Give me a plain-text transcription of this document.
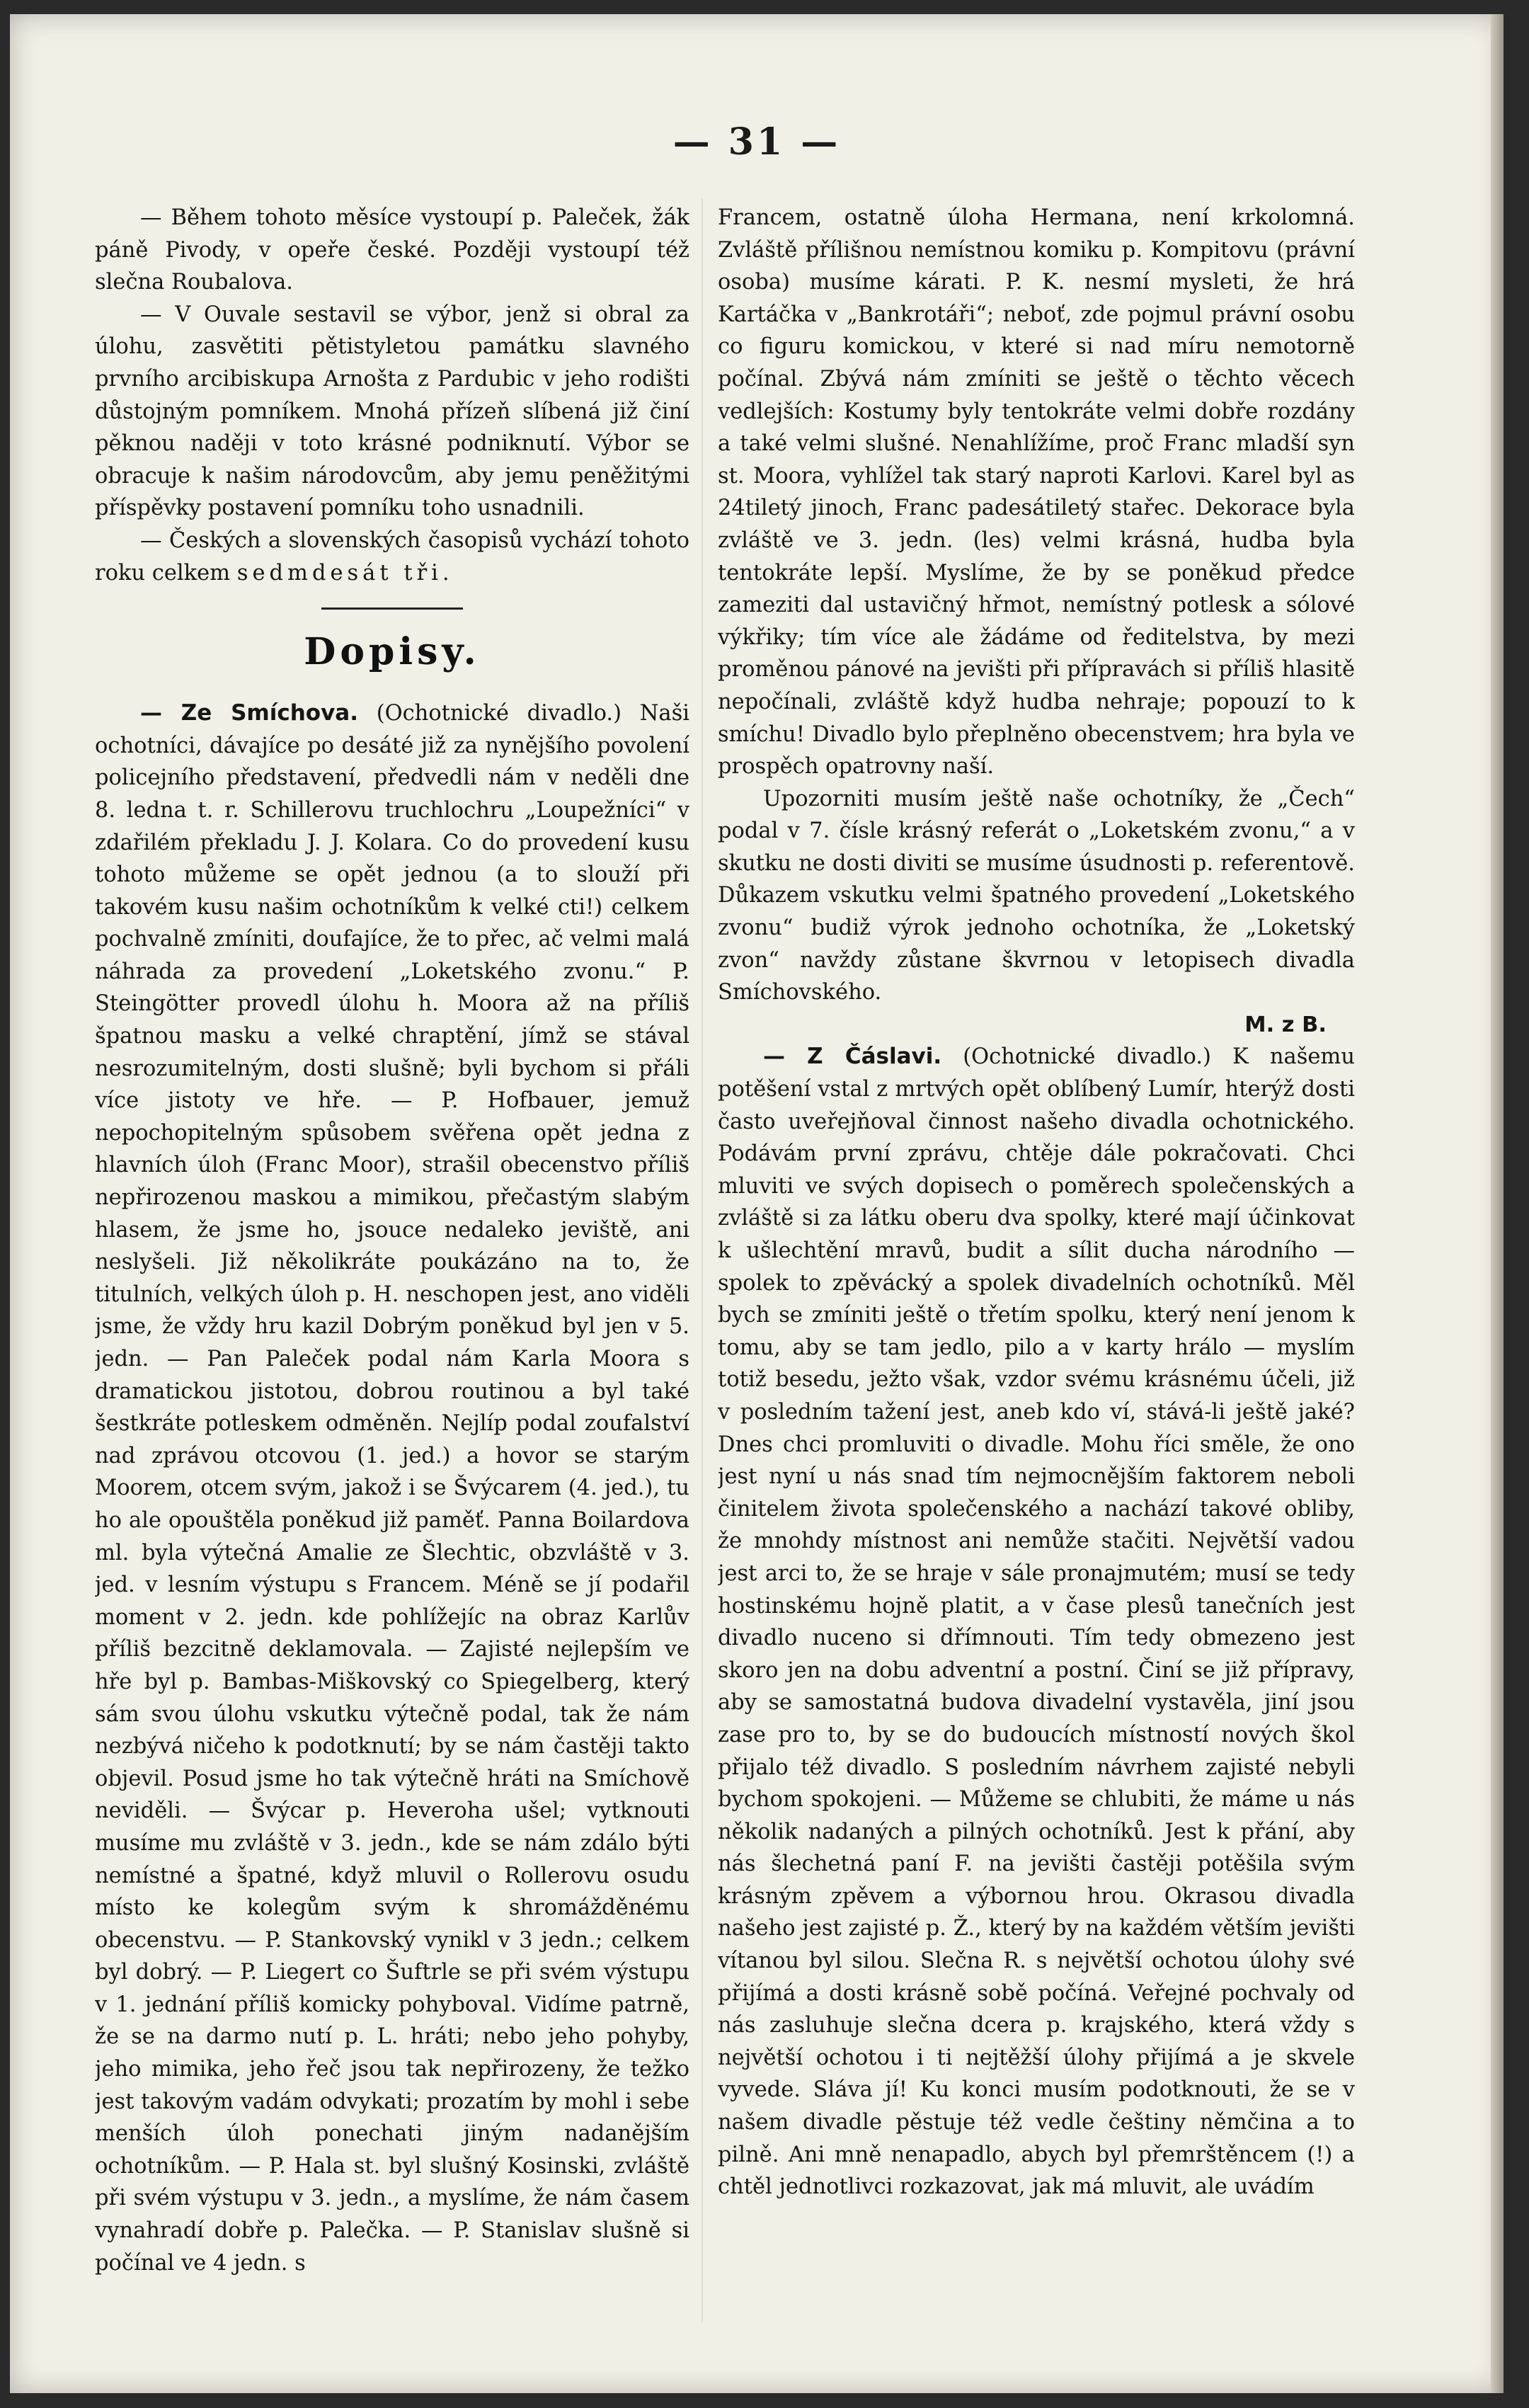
— 31 —

— Během tohoto měsíce vystoupí p. Paleček, žák páně Pivody, v opeře české. Později vystoupí též slečna Roubalova.

— V Ouvale sestavil se výbor, jenž si obral za úlohu, zasvětiti pětistyletou památku slavného prvního arcibiskupa Arnošta z Pardubic v jeho rodišti důstojným pomníkem. Mnohá přízeň slíbená již činí pěknou naději v toto krásné podniknutí. Výbor se obracuje k našim národovcům, aby jemu peněžitými příspěvky postavení pomníku toho usnadnili.

— Českých a slovenských časopisů vychází tohoto roku celkem sedmdesát tři.

Dopisy.

— Ze Smíchova. (Ochotnické divadlo.) Naši ochotníci, dávajíce po desáté již za nynějšího povolení policejního představení, předvedli nám v neděli dne 8. ledna t. r. Schillerovu truchlochru „Loupežníci“ v zdařilém překladu J. J. Kolara. Co do provedení kusu tohoto můžeme se opět jednou (a to slouží při takovém kusu našim ochotníkům k velké cti!) celkem pochvalně zmíniti, doufajíce, že to přec, ač velmi malá náhrada za provedení „Loketského zvonu.“ P. Steingötter provedl úlohu h. Moora až na příliš špatnou masku a velké chraptění, jímž se stával nesrozumitelným, dosti slušně; byli bychom si přáli více jistoty ve hře. — P. Hofbauer, jemuž nepochopitelným spůsobem svěřena opět jedna z hlavních úloh (Franc Moor), strašil obecenstvo příliš nepřirozenou maskou a mimikou, přečastým slabým hlasem, že jsme ho, jsouce nedaleko jeviště, ani neslyšeli. Již několikráte poukázáno na to, že titulních, velkých úloh p. H. neschopen jest, ano viděli jsme, že vždy hru kazil Dobrým poněkud byl jen v 5. jedn. — Pan Paleček podal nám Karla Moora s dramatickou jistotou, dobrou routinou a byl také šestkráte potleskem odměněn. Nejlíp podal zoufalství nad zprávou otcovou (1. jed.) a hovor se starým Moorem, otcem svým, jakož i se Švýcarem (4. jed.), tu ho ale opouštěla poněkud již paměť. Panna Boilardova ml. byla výtečná Amalie ze Šlechtic, obzvláště v 3. jed. v lesním výstupu s Francem. Méně se jí podařil moment v 2. jedn. kde pohlížejíc na obraz Karlův příliš bezcitně deklamovala. — Zajisté nejlepším ve hře byl p. Bambas-Miškovský co Spiegelberg, který sám svou úlohu vskutku výtečně podal, tak že nám nezbývá ničeho k podotknutí; by se nám častěji takto objevil. Posud jsme ho tak výtečně hráti na Smíchově neviděli. — Švýcar p. Heveroha ušel; vytknouti musíme mu zvláště v 3. jedn., kde se nám zdálo býti nemístné a špatné, když mluvil o Rollerovu osudu místo ke kolegům svým k shromážděnému obecenstvu. — P. Stankovský vynikl v 3 jedn.; celkem byl dobrý. — P. Liegert co Šuftrle se při svém výstupu v 1. jednání příliš komicky pohyboval. Vidíme patrně, že se na darmo nutí p. L. hráti; nebo jeho pohyby, jeho mimika, jeho řeč jsou tak nepřirozeny, že težko jest takovým vadám odvykati; prozatím by mohl i sebe menších úloh ponechati jiným nadanějším ochotníkům. — P. Hala st. byl slušný Kosinski, zvláště při svém výstupu v 3. jedn., a myslíme, že nám časem vynahradí dobře p. Palečka. — P. Stanislav slušně si počínal ve 4 jedn. s

Francem, ostatně úloha Hermana, není krkolomná. Zvláště přílišnou nemístnou komiku p. Kompitovu (právní osoba) musíme kárati. P. K. nesmí mysleti, že hrá Kartáčka v „Bankrotáři“; neboť, zde pojmul právní osobu co figuru komickou, v které si nad míru nemotorně počínal. Zbývá nám zmíniti se ještě o těchto věcech vedlejších: Kostumy byly tentokráte velmi dobře rozdány a také velmi slušné. Nenahlížíme, proč Franc mladší syn st. Moora, vyhlížel tak starý naproti Karlovi. Karel byl as 24tiletý jinoch, Franc padesátiletý stařec. Dekorace byla zvláště ve 3. jedn. (les) velmi krásná, hudba byla tentokráte lepší. Myslíme, že by se poněkud předce zameziti dal ustavičný hřmot, nemístný potlesk a sólové výkřiky; tím více ale žádáme od ředitelstva, by mezi proměnou pánové na jevišti při přípravách si příliš hlasitě nepočínali, zvláště když hudba nehraje; popouzí to k smíchu! Divadlo bylo přeplněno obecenstvem; hra byla ve prospěch opatrovny naší.

Upozorniti musím ještě naše ochotníky, že „Čech“ podal v 7. čísle krásný referát o „Loketském zvonu,“ a v skutku ne dosti diviti se musíme úsudnosti p. referentově. Důkazem vskutku velmi špatného provedení „Loketského zvonu“ budiž výrok jednoho ochotníka, že „Loketský zvon“ navždy zůstane škvrnou v letopisech divadla Smíchovského.

M. z B.

— Z Čáslavi. (Ochotnické divadlo.) K našemu potěšení vstal z mrtvých opět oblíbený Lumír, hterýž dosti často uveřejňoval činnost našeho divadla ochotnického. Podávám první zprávu, chtěje dále pokračovati. Chci mluviti ve svých dopisech o poměrech společenských a zvláště si za látku oberu dva spolky, které mají účinkovat k ušlechtění mravů, budit a sílit ducha národního — spolek to zpěvácký a spolek divadelních ochotníků. Měl bych se zmíniti ještě o třetím spolku, který není jenom k tomu, aby se tam jedlo, pilo a v karty hrálo — myslím totiž besedu, ježto však, vzdor svému krásnému účeli, již v posledním tažení jest, aneb kdo ví, stává-li ještě jaké? Dnes chci promluviti o divadle. Mohu říci směle, že ono jest nyní u nás snad tím nejmocnějším faktorem neboli činitelem života společenského a nachází takové obliby, že mnohdy místnost ani nemůže stačiti. Největší vadou jest arci to, že se hraje v sále pronajmutém; musí se tedy hostinskému hojně platit, a v čase plesů tanečních jest divadlo nuceno si dřímnouti. Tím tedy obmezeno jest skoro jen na dobu adventní a postní. Činí se již přípravy, aby se samostatná budova divadelní vystavěla, jiní jsou zase pro to, by se do budoucích místností nových škol přijalo též divadlo. S posledním návrhem zajisté nebyli bychom spokojeni. — Můžeme se chlubiti, že máme u nás několik nadaných a pilných ochotníků. Jest k přání, aby nás šlechetná paní F. na jevišti častěji potěšila svým krásným zpěvem a výbornou hrou. Okrasou divadla našeho jest zajisté p. Ž., který by na každém větším jevišti vítanou byl silou. Slečna R. s největší ochotou úlohy své přijímá a dosti krásně sobě počíná. Veřejné pochvaly od nás zasluhuje slečna dcera p. krajského, která vždy s největší ochotou i ti nejtěžší úlohy přijímá a je skvele vyvede. Sláva jí! Ku konci musím podotknouti, že se v našem divadle pěstuje též vedle češtiny němčina a to pilně. Ani mně nenapadlo, abych byl přemrštěncem (!) a chtěl jednotlivci rozkazovat, jak má mluvit, ale uvádím
